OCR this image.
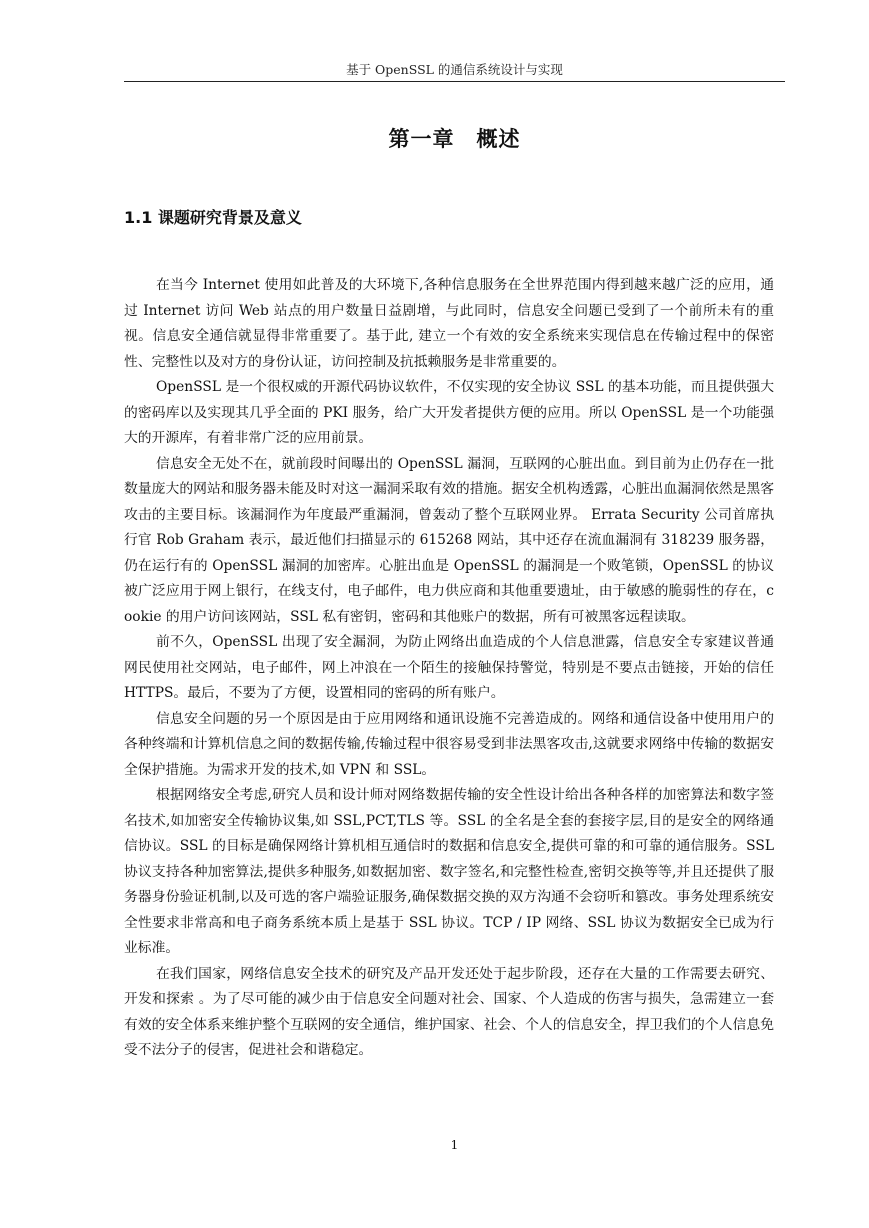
基于 OpenSSL 的通信系统设计与实现
第一章　概述
1.1 课题研究背景及意义

在当今 Internet 使用如此普及的大环境下,各种信息服务在全世界范围内得到越来越广泛的应用，通过 Internet 访问 Web 站点的用户数量日益剧增，与此同时，信息安全问题已受到了一个前所未有的重视。信息安全通信就显得非常重要了。基于此, 建立一个有效的安全系统来实现信息在传输过程中的保密性、完整性以及对方的身份认证，访问控制及抗抵赖服务是非常重要的。

OpenSSL 是一个很权威的开源代码协议软件，不仅实现的安全协议 SSL 的基本功能，而且提供强大的密码库以及实现其几乎全面的 PKI 服务，给广大开发者提供方便的应用。所以 OpenSSL 是一个功能强大的开源库，有着非常广泛的应用前景。

信息安全无处不在，就前段时间曝出的 OpenSSL 漏洞，互联网的心脏出血。到目前为止仍存在一批数量庞大的网站和服务器未能及时对这一漏洞采取有效的措施。据安全机构透露，心脏出血漏洞依然是黑客攻击的主要目标。该漏洞作为年度最严重漏洞，曾轰动了整个互联网业界。 Errata Security 公司首席执行官 Rob Graham 表示，最近他们扫描显示的 615268 网站，其中还存在流血漏洞有 318239 服务器，仍在运行有的 OpenSSL 漏洞的加密库。心脏出血是 OpenSSL 的漏洞是一个败笔锁，OpenSSL 的协议被广泛应用于网上银行，在线支付，电子邮件，电力供应商和其他重要遗址，由于敏感的脆弱性的存在，cookie 的用户访问该网站，SSL 私有密钥，密码和其他账户的数据，所有可被黑客远程读取。

前不久，OpenSSL 出现了安全漏洞，为防止网络出血造成的个人信息泄露，信息安全专家建议普通网民使用社交网站，电子邮件，网上冲浪在一个陌生的接触保持警觉，特别是不要点击链接，开始的信任 HTTPS。最后，不要为了方便，设置相同的密码的所有账户。

信息安全问题的另一个原因是由于应用网络和通讯设施不完善造成的。网络和通信设备中使用用户的各种终端和计算机信息之间的数据传输,传输过程中很容易受到非法黑客攻击,这就要求网络中传输的数据安全保护措施。为需求开发的技术,如 VPN 和 SSL。

根据网络安全考虑,研究人员和设计师对网络数据传输的安全性设计给出各种各样的加密算法和数字签名技术,如加密安全传输协议集,如 SSL,PCT,TLS 等。SSL 的全名是全套的套接字层,目的是安全的网络通信协议。SSL 的目标是确保网络计算机相互通信时的数据和信息安全,提供可靠的和可靠的通信服务。SSL 协议支持各种加密算法,提供多种服务,如数据加密、数字签名,和完整性检查,密钥交换等等,并且还提供了服务器身份验证机制,以及可选的客户端验证服务,确保数据交换的双方沟通不会窃听和篡改。事务处理系统安全性要求非常高和电子商务系统本质上是基于 SSL 协议。TCP / IP 网络、SSL 协议为数据安全已成为行业标准。

在我们国家，网络信息安全技术的研究及产品开发还处于起步阶段，还存在大量的工作需要去研究、开发和探索 。为了尽可能的减少由于信息安全问题对社会、国家、个人造成的伤害与损失，急需建立一套有效的安全体系来维护整个互联网的安全通信，维护国家、社会、个人的信息安全，捍卫我们的个人信息免受不法分子的侵害，促进社会和谐稳定。

1
